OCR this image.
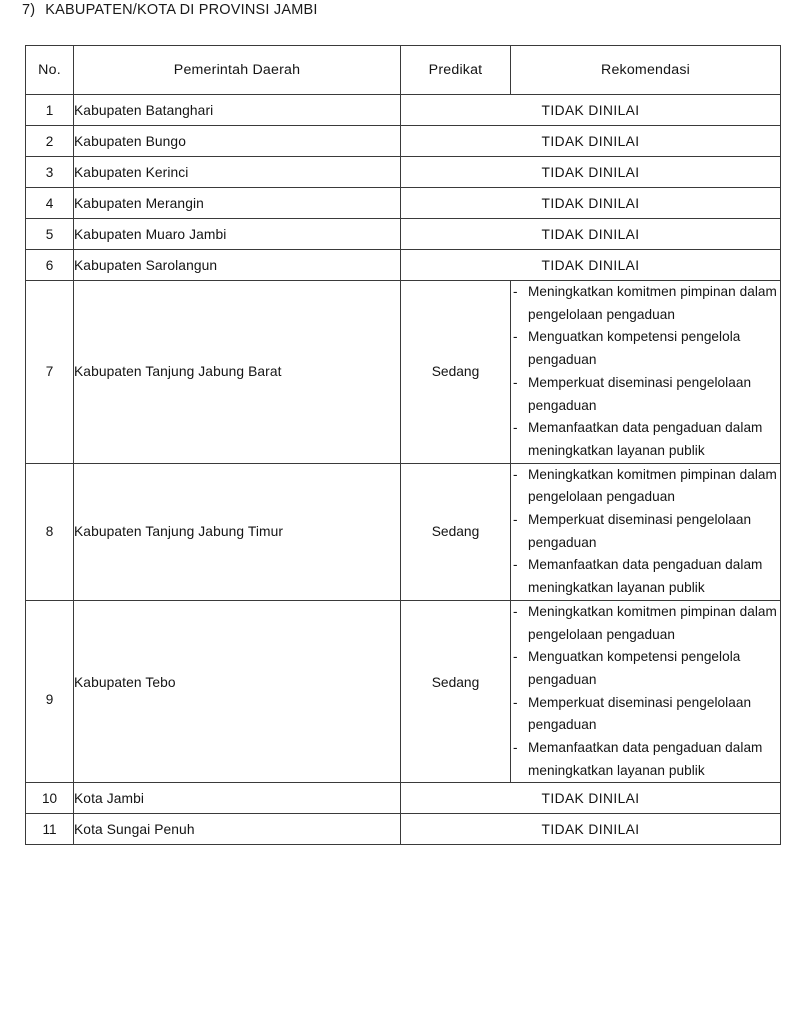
7) KABUPATEN/KOTA DI PROVINSI JAMBI
No.	Pemerintah Daerah	Predikat	Rekomendasi
1	Kabupaten Batanghari	TIDAK DINILAI	
2	Kabupaten Bungo	TIDAK DINILAI	
3	Kabupaten Kerinci	TIDAK DINILAI	
4	Kabupaten Merangin	TIDAK DINILAI	
5	Kabupaten Muaro Jambi	TIDAK DINILAI	
6	Kabupaten Sarolangun	TIDAK DINILAI	
7	Kabupaten Tanjung Jabung Barat	Sedang	
- Meningkatkan komitmen pimpinan dalam pengelolaan pengaduan
- Menguatkan kompetensi pengelola pengaduan
- Memperkuat diseminasi pengelolaan pengaduan
- Memanfaatkan data pengaduan dalam meningkatkan layanan publik

8	Kabupaten Tanjung Jabung Timur	Sedang	
- Meningkatkan komitmen pimpinan dalam pengelolaan pengaduan
- Memperkuat diseminasi pengelolaan pengaduan
- Memanfaatkan data pengaduan dalam meningkatkan layanan publik

9	Kabupaten Tebo	Sedang	
- Meningkatkan komitmen pimpinan dalam pengelolaan pengaduan
- Menguatkan kompetensi pengelola pengaduan
- Memperkuat diseminasi pengelolaan pengaduan
- Memanfaatkan data pengaduan dalam meningkatkan layanan publik

10	Kota Jambi	TIDAK DINILAI	
11	Kota Sungai Penuh	TIDAK DINILAI	
